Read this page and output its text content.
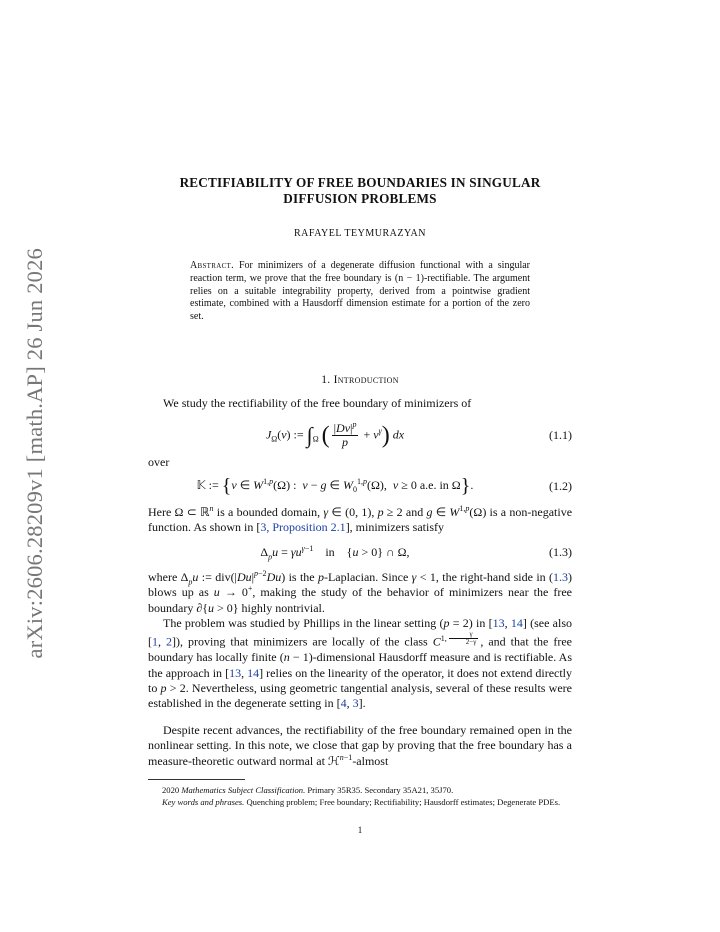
arXiv:2606.28209v1 [math.AP] 26 Jun 2026
RECTIFIABILITY OF FREE BOUNDARIES IN SINGULAR
DIFFUSION PROBLEMS
RAFAYEL TEYMURAZYAN
Abstract. For minimizers of a degenerate diffusion functional with a singular reaction term, we prove that the free boundary is (n − 1)-rectifiable. The argument relies on a suitable integrability property, derived from a pointwise gradient estimate, combined with a Hausdorff dimension estimate for a portion of the zero set.
1. Introduction

We study the rectifiability of the free boundary of minimizers of

$J_\Omega(v)$ := $\int_\Omega$ ( $\frac{|Dv|^p}{p} + v^\gamma$) dx	(1.1)

over

𝕂 := {v ∈ W$^{1,p}$(Ω) :  v − g ∈ $W_0^{1,p}(\Omega)$,  v ≥ 0 a.e. in Ω}.	(1.2)

Here Ω ⊂ ℝ$^n$ is a bounded domain, γ ∈ (0, 1), p ≥ 2 and g ∈ W$^{1,p}$(Ω) is a non-negative function. As shown in [3, Proposition 2.1], minimizers satisfy

$\Delta_pu = \gamma u^{\gamma-1}$ in    {u > 0} ∩ Ω,	(1.3)

where $\Delta_pu$ := $div(|Du|^{p-2}Du)$ is the p-Laplacian. Since γ < 1, the right-hand side in (1.3) blows up as u → 0+, making the study of the behavior of minimizers near the free boundary ∂{u > 0} highly nontrivial.

The problem was studied by Phillips in the linear setting (p = 2) in [13, 14] (see also [1, 2]), proving that minimizers are locally of the class $C^{1, \frac{\gamma}{2-\gamma}}$ , and that the free boundary has locally finite (n − 1)-dimensional Hausdorff measure and is rectifiable. As the approach in [13, 14] relies on the linearity of the operator, it does not extend directly to p > 2. Nevertheless, using geometric tangential analysis, several of these results were established in the degenerate setting in [4, 3].

Despite recent advances, the rectifiability of the free boundary remained open in the nonlinear setting. In this note, we close that gap by proving that the free boundary has a measure-theoretic outward normal at ℋ$^{n-1}$-almost

2020 Mathematics Subject Classification. Primary 35R35. Secondary 35A21, 35J70.

Key words and phrases. Quenching problem; Free boundary; Rectifiability; Hausdorff estimates; Degenerate PDEs.

1
